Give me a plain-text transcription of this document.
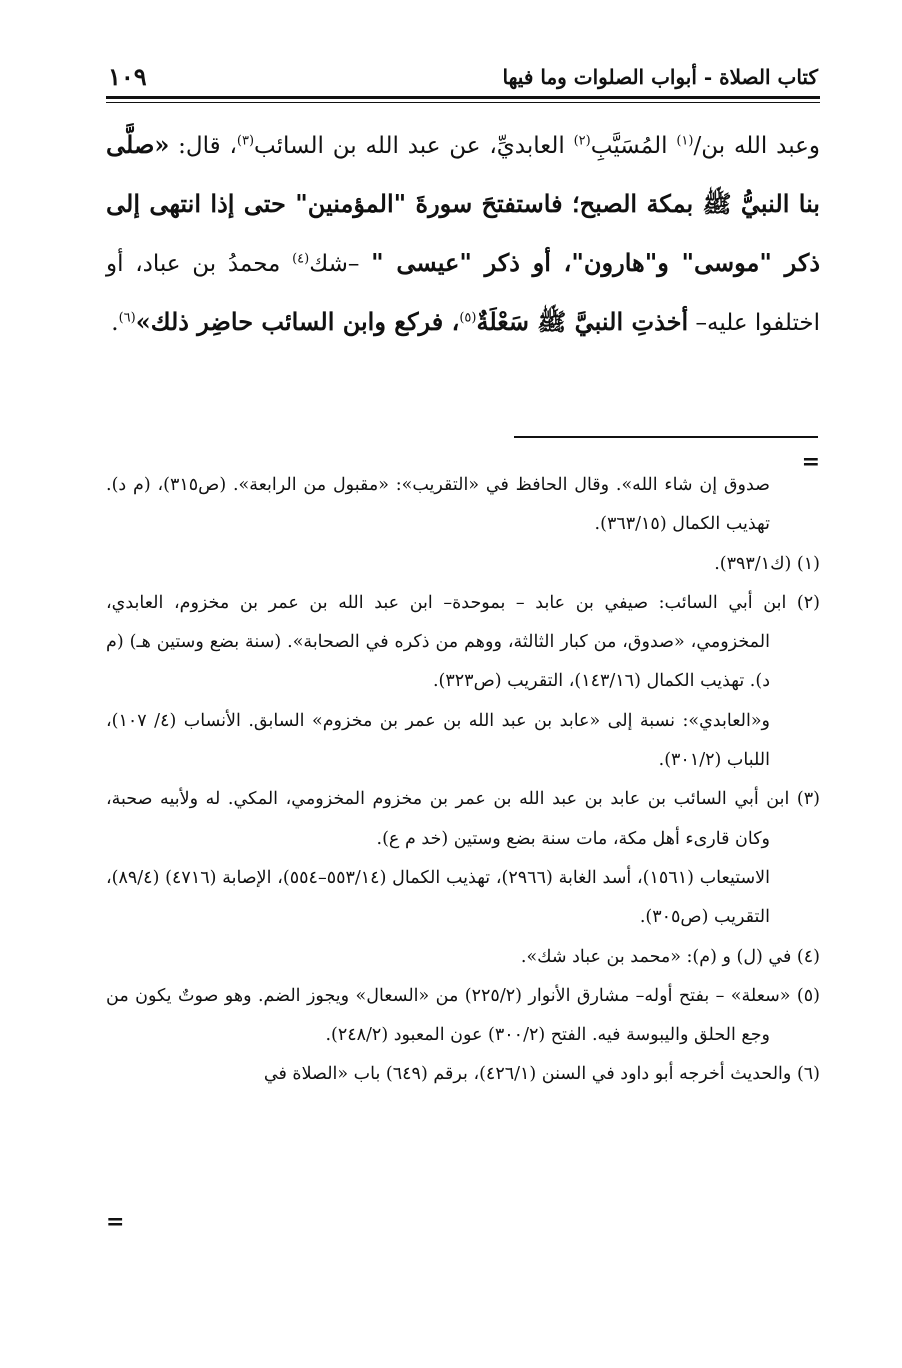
كتاب الصلاة - أبواب الصلوات وما فيها
١٠٩
وعبد الله بن/$^{(١)}$ المُسَيَّبِ$^{(٢)}$ العابديِّ، عن عبد الله بن السائب$^{(٣)}$، قال: «صلَّى بنا النبيُّ ﷺ بمكة الصبح؛ فاستفتحَ سورةَ "المؤمنين" حتى إذا انتهى إلى ذكر "موسى" و"هارون"، أو ذكر "عيسى " –شك$^{(٤)}$ محمدُ بن عباد، أو اختلفوا عليه– أخذتِ النبيَّ ﷺ سَعْلَةٌ$^{(٥)}$، فركع وابن السائب حاضِر ذلك»$^{(٦)}$.
=
صدوق إن شاء الله». وقال الحافظ في «التقريب»: «مقبول من الرابعة». (ص٣١٥)، (م د). تهذيب الكمال (٣٦٣/١٥).
(١) (ك٣٩٣/١).
(٢) ابن أبي السائب: صيفي بن عابد – بموحدة– ابن عبد الله بن عمر بن مخزوم، العابدي، المخزومي، «صدوق، من كبار الثالثة، ووهم من ذكره في الصحابة». (سنة بضع وستين هـ) (م د). تهذيب الكمال (١٤٣/١٦)، التقريب (ص٣٢٣).
و«العابدي»: نسبة إلى «عابد بن عبد الله بن عمر بن مخزوم» السابق. الأنساب (٤/ ١٠٧)، اللباب (٣٠١/٢).
(٣) ابن أبي السائب بن عابد بن عبد الله بن عمر بن مخزوم المخزومي، المكي. له ولأبيه صحبة، وكان قارىء أهل مكة، مات سنة بضع وستين (خد م ع).
الاستيعاب (١٥٦١)، أسد الغابة (٢٩٦٦)، تهذيب الكمال (٥٥٣/١٤–٥٥٤)، الإصابة (٤٧١٦) (٨٩/٤)، التقريب (ص٣٠٥).
(٤) في (ل) و (م): «محمد بن عباد شك».
(٥) «سعلة» – بفتح أوله– مشارق الأنوار (٢٢٥/٢) من «السعال» ويجوز الضم. وهو صوتٌ يكون من وجع الحلق واليبوسة فيه. الفتح (٣٠٠/٢) عون المعبود (٢٤٨/٢).
(٦) والحديث أخرجه أبو داود في السنن (٤٢٦/١)، برقم (٦٤٩) باب «الصلاة في
=
